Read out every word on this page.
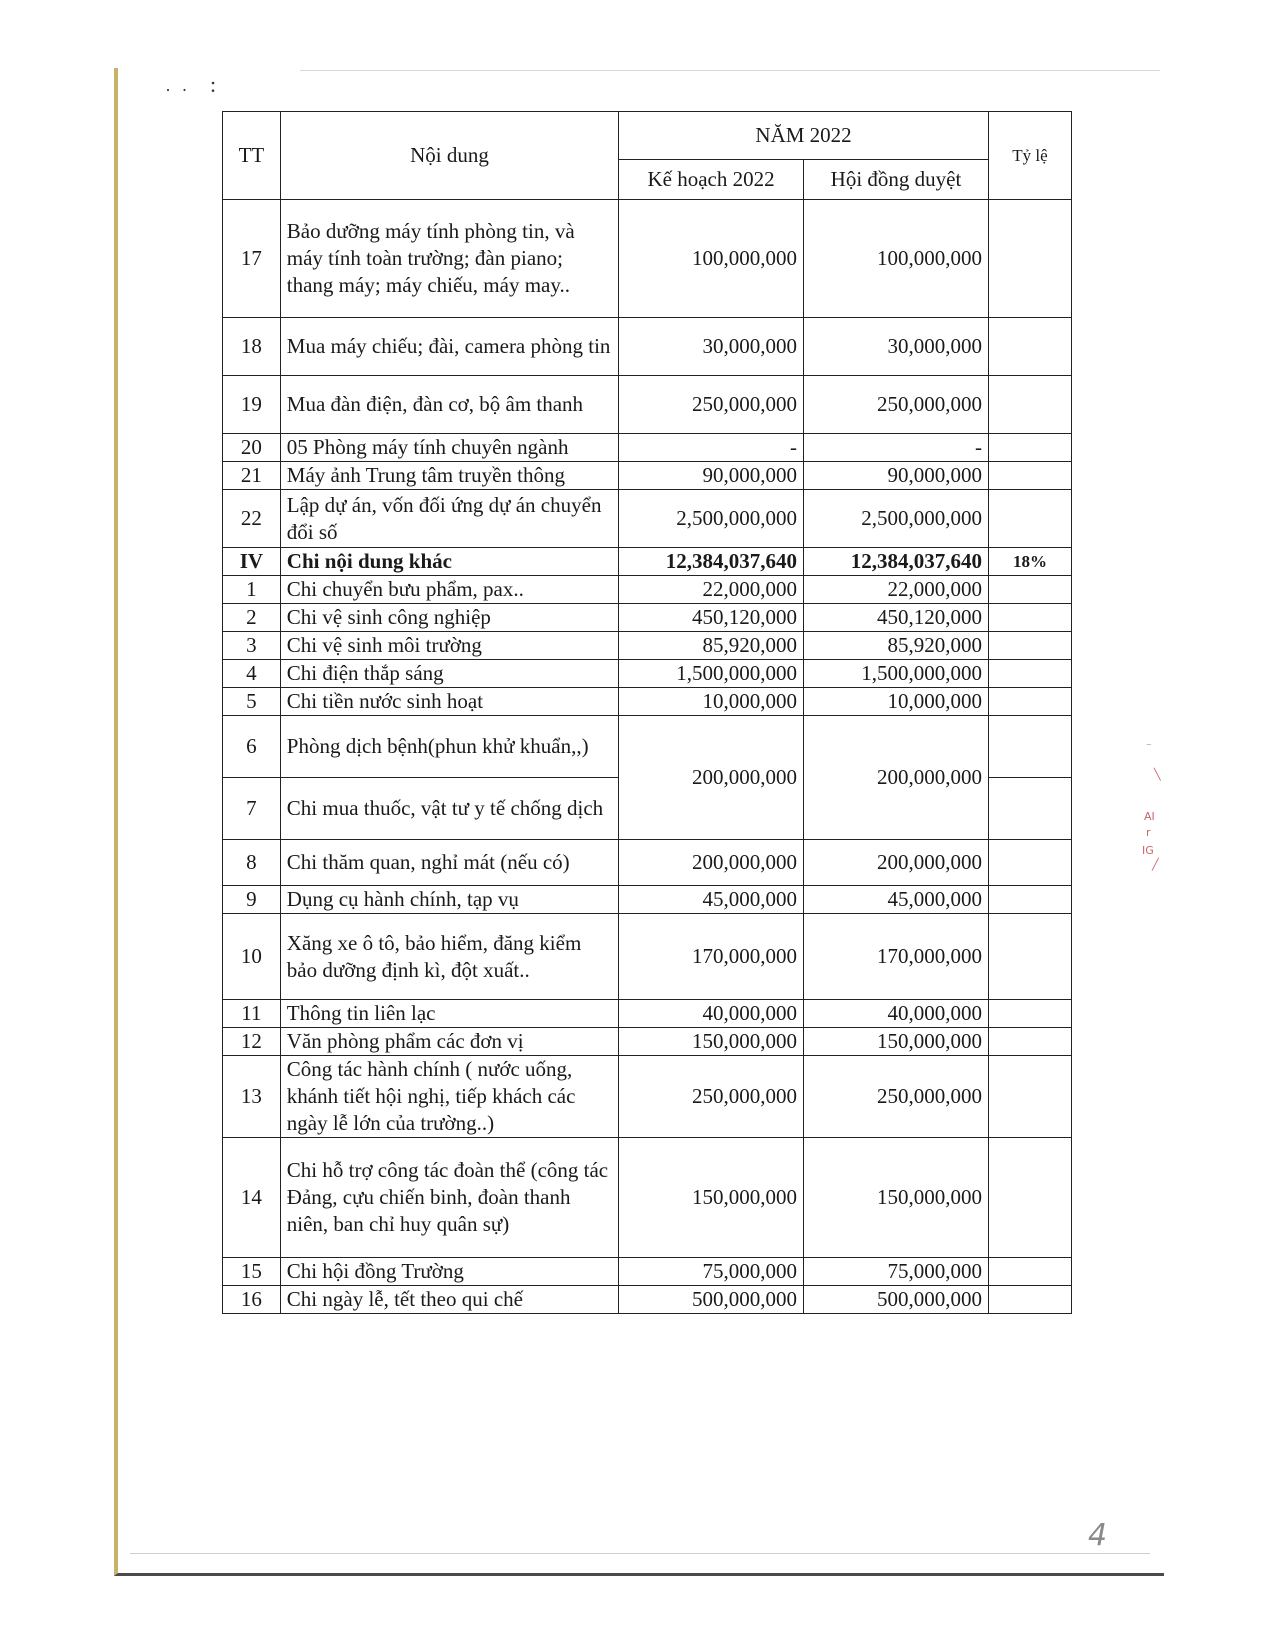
· · :
TT	Nội dung	NĂM 2022		Tỷ lệ
		Kế hoạch 2022	Hội đồng duyệt	
17	Bảo dưỡng máy tính phòng tin, và máy tính toàn trường; đàn piano; thang máy; máy chiếu, máy may..	100,000,000	100,000,000	
18	Mua máy chiếu; đài, camera phòng tin	30,000,000	30,000,000	
19	Mua đàn điện, đàn cơ, bộ âm thanh	250,000,000	250,000,000	
20	05 Phòng máy tính chuyên ngành	-	-	
21	Máy ảnh Trung tâm truyền thông	90,000,000	90,000,000	
22	Lập dự án, vốn đối ứng dự án chuyển đổi số	2,500,000,000	2,500,000,000	
IV	Chi nội dung khác	12,384,037,640	12,384,037,640	18%
1	Chi chuyển bưu phẩm, pax..	22,000,000	22,000,000	
2	Chi vệ sinh công nghiệp	450,120,000	450,120,000	
3	Chi vệ sinh môi trường	85,920,000	85,920,000	
4	Chi điện thắp sáng	1,500,000,000	1,500,000,000	
5	Chi tiền nước sinh hoạt	10,000,000	10,000,000	
6	Phòng dịch bệnh(phun khử khuẩn,,)	200,000,000	200,000,000	
7	Chi mua thuốc, vật tư y tế chống dịch			
8	Chi thăm quan, nghỉ mát (nếu có)	200,000,000	200,000,000	
9	Dụng cụ hành chính, tạp vụ	45,000,000	45,000,000	
10	Xăng xe ô tô, bảo hiểm, đăng kiểm bảo dưỡng định kì, đột xuất..	170,000,000	170,000,000	
11	Thông tin liên lạc	40,000,000	40,000,000	
12	Văn phòng phẩm các đơn vị	150,000,000	150,000,000	
13	Công tác hành chính ( nước uống, khánh tiết hội nghị, tiếp khách các ngày lễ lớn của trường..)	250,000,000	250,000,000	
14	Chi hỗ trợ công tác đoàn thể (công tác Đảng, cựu chiến binh, đoàn thanh niên, ban chỉ huy quân sự)	150,000,000	150,000,000	
15	Chi hội đồng Trường	75,000,000	75,000,000	
16	Chi ngày lễ, tết theo qui chế	500,000,000	500,000,000	
⁻
╲
AI
r
IG
╱
4
